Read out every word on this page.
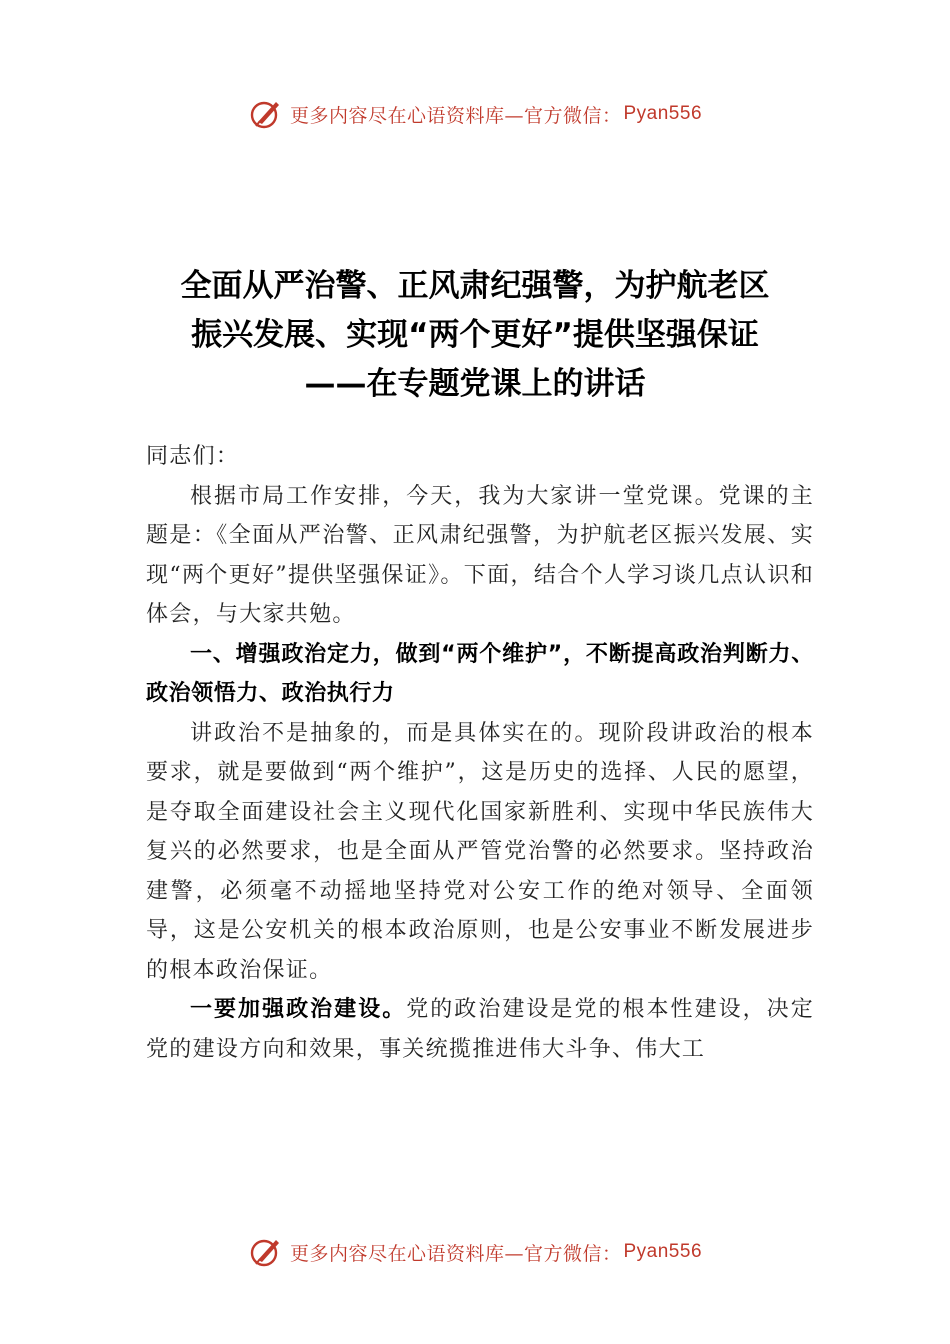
更多内容尽在心语资料库—官方微信： Pyan556
全面从严治警、正风肃纪强警，为护航老区
振兴发展、实现“两个更好”提供坚强保证
——在专题党课上的讲话

同志们：

根据市局工作安排，今天，我为大家讲一堂党课。党课的主题是：《全面从严治警、正风肃纪强警，为护航老区振兴发展、实现“两个更好”提供坚强保证》。下面，结合个人学习谈几点认识和体会，与大家共勉。

一、增强政治定力，做到“两个维护”，不断提高政治判断力、政治领悟力、政治执行力

讲政治不是抽象的，而是具体实在的。现阶段讲政治的根本要求，就是要做到“两个维护”，这是历史的选择、人民的愿望，是夺取全面建设社会主义现代化国家新胜利、实现中华民族伟大复兴的必然要求，也是全面从严管党治警的必然要求。坚持政治建警，必须毫不动摇地坚持党对公安工作的绝对领导、全面领导，这是公安机关的根本政治原则，也是公安事业不断发展进步的根本政治保证。

一要加强政治建设。党的政治建设是党的根本性建设，决定党的建设方向和效果，事关统揽推进伟大斗争、伟大工

更多内容尽在心语资料库—官方微信： Pyan556
